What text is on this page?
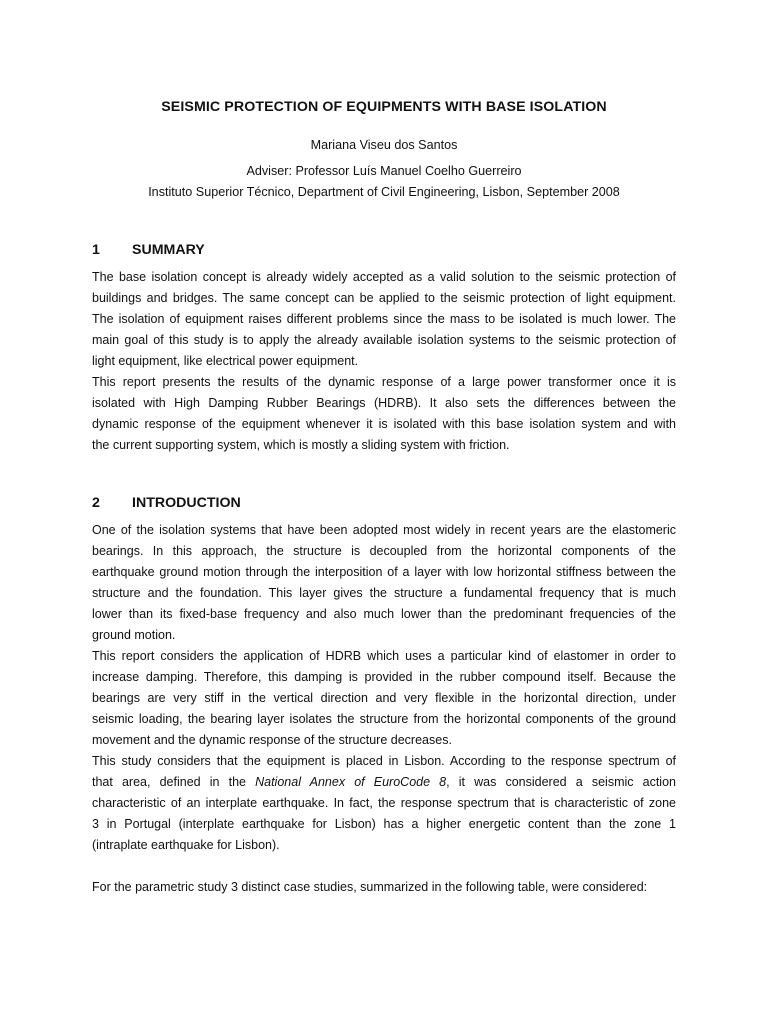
SEISMIC PROTECTION OF EQUIPMENTS WITH BASE ISOLATION
Mariana Viseu dos Santos
Adviser: Professor Luís Manuel Coelho Guerreiro
Instituto Superior Técnico, Department of Civil Engineering, Lisbon, September 2008
1 SUMMARY
The base isolation concept is already widely accepted as a valid solution to the seismic protection of
buildings and bridges. The same concept can be applied to the seismic protection of light equipment.
The isolation of equipment raises different problems since the mass to be isolated is much lower. The
main goal of this study is to apply the already available isolation systems to the seismic protection of
light equipment, like electrical power equipment.
This report presents the results of the dynamic response of a large power transformer once it is
isolated with High Damping Rubber Bearings (HDRB). It also sets the differences between the
dynamic response of the equipment whenever it is isolated with this base isolation system and with
the current supporting system, which is mostly a sliding system with friction.
2 INTRODUCTION
One of the isolation systems that have been adopted most widely in recent years are the elastomeric
bearings. In this approach, the structure is decoupled from the horizontal components of the
earthquake ground motion through the interposition of a layer with low horizontal stiffness between the
structure and the foundation. This layer gives the structure a fundamental frequency that is much
lower than its fixed-base frequency and also much lower than the predominant frequencies of the
ground motion.
This report considers the application of HDRB which uses a particular kind of elastomer in order to
increase damping. Therefore, this damping is provided in the rubber compound itself. Because the
bearings are very stiff in the vertical direction and very flexible in the horizontal direction, under
seismic loading, the bearing layer isolates the structure from the horizontal components of the ground
movement and the dynamic response of the structure decreases.
This study considers that the equipment is placed in Lisbon. According to the response spectrum of
that area, defined in the National Annex of EuroCode 8, it was considered a seismic action
characteristic of an interplate earthquake. In fact, the response spectrum that is characteristic of zone
3 in Portugal (interplate earthquake for Lisbon) has a higher energetic content than the zone 1
(intraplate earthquake for Lisbon).
For the parametric study 3 distinct case studies, summarized in the following table, were considered:
